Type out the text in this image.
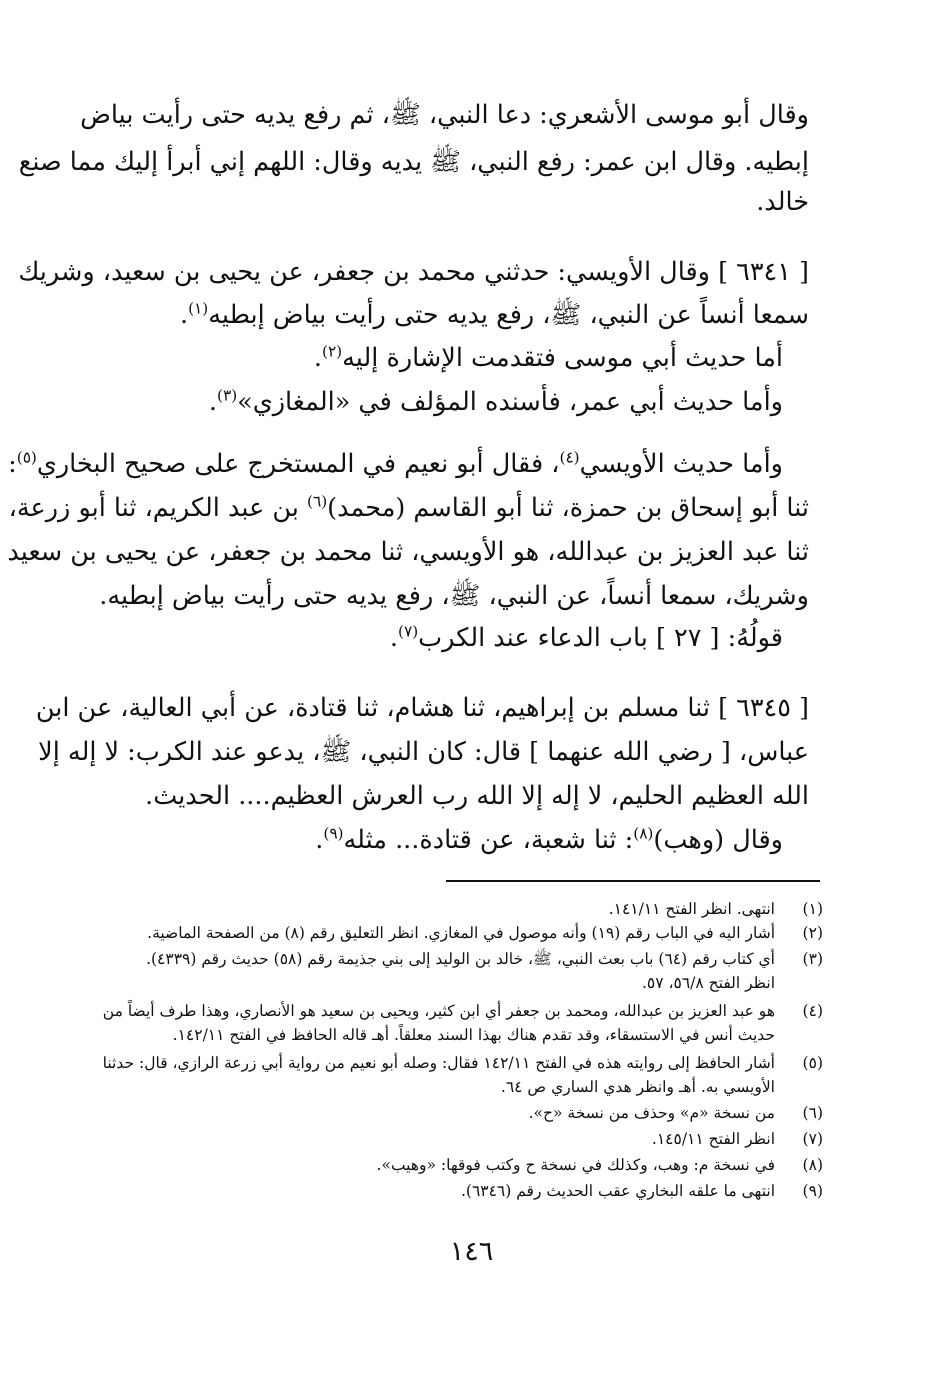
وقال أبو موسى الأشعري: دعا النبي، ﷺ، ثم رفع يديه حتى رأيت بياض
إبطيه. وقال ابن عمر: رفع النبي، ﷺ يديه وقال: اللهم إني أبرأ إليك مما صنع
خالد.
[ ٦٣٤١ ] وقال الأويسي: حدثني محمد بن جعفر، عن يحيى بن سعيد، وشريك
سمعا أنساً عن النبي، ﷺ، رفع يديه حتى رأيت بياض إبطيه$^{(١)}$.
أما حديث أبي موسى فتقدمت الإشارة إليه$^{(٢)}$.
وأما حديث أبي عمر، فأسنده المؤلف في «المغازي»$^{(٣)}$.
وأما حديث الأويسي$^{(٤)}$، فقال أبو نعيم في المستخرج على صحيح البخاري$^{(٥)}$:
ثنا أبو إسحاق بن حمزة، ثنا أبو القاسم (محمد)$^{(٦)}$ بن عبد الكريم، ثنا أبو زرعة،
ثنا عبد العزيز بن عبدالله، هو الأويسي، ثنا محمد بن جعفر، عن يحيى بن سعيد
وشريك، سمعا أنساً، عن النبي، ﷺ، رفع يديه حتى رأيت بياض إبطيه.
قولُهُ: [ ٢٧ ] باب الدعاء عند الكرب$^{(٧)}$.
[ ٦٣٤٥ ] ثنا مسلم بن إبراهيم، ثنا هشام، ثنا قتادة، عن أبي العالية، عن ابن
عباس، [ رضي الله عنهما ] قال: كان النبي، ﷺ، يدعو عند الكرب: لا إله إلا
الله العظيم الحليم، لا إله إلا الله رب العرش العظيم.... الحديث.
وقال (وهب)$^{(٨)}$: ثنا شعبة، عن قتادة... مثله$^{(٩)}$.
(١)
انتهى. انظر الفتح ١٤١/١١.
(٢)
أشار اليه في الباب رقم (١٩) وأنه موصول في المغازي. انظر التعليق رقم (٨) من الصفحة الماضية.
(٣)
أي كتاب رقم (٦٤) باب بعث النبي، ﷺ، خالد بن الوليد إلى بني جذيمة رقم (٥٨) حديث رقم (٤٣٣٩).
انظر الفتح ٥٦/٨، ٥٧.
(٤)
هو عبد العزيز بن عبدالله، ومحمد بن جعفر أي ابن كثير، ويحيى بن سعيد هو الأنصاري، وهذا طرف أيضاً من
حديث أنس في الاستسقاء، وقد تقدم هناك بهذا السند معلقاً. أهـ قاله الحافظ في الفتح ١٤٢/١١.
(٥)
أشار الحافظ إلى روايته هذه في الفتح ١٤٢/١١ فقال: وصله أبو نعيم من رواية أبي زرعة الرازي، قال: حدثنا
الأويسي به. أهـ وانظر هدي الساري ص ٦٤.
(٦)
من نسخة «م» وحذف من نسخة «ح».
(٧)
انظر الفتح ١٤٥/١١.
(٨)
في نسخة م: وهب، وكذلك في نسخة ح وكتب فوقها: «وهيب».
(٩)
انتهى ما علقه البخاري عقب الحديث رقم (٦٣٤٦).
١٤٦
